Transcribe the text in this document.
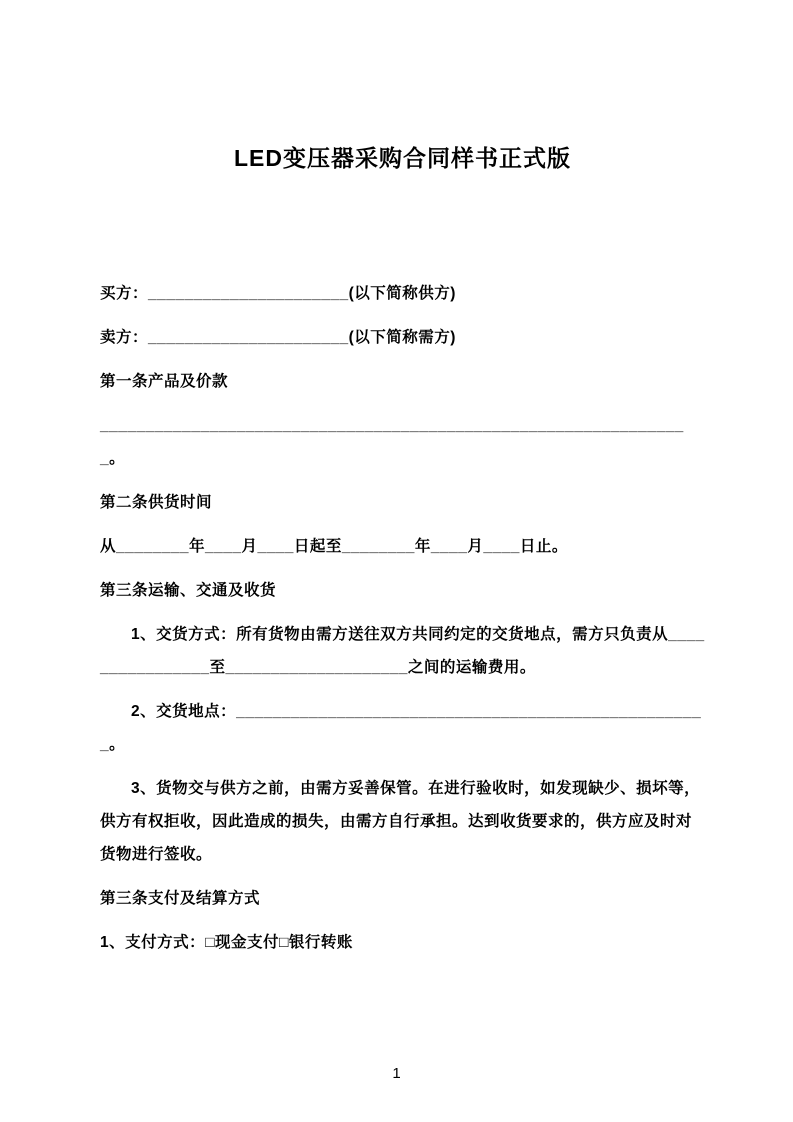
LED变压器采购合同样书正式版

买方：______________________(以下简称供方)

卖方：______________________(以下简称需方)

第一条产品及价款

_________________________________________________________________。

第二条供货时间

从________年____月____日起至________年____月____日止。

第三条运输、交通及收货

1、交货方式：所有货物由需方送往双方共同约定的交货地点，需方只负责从________________至____________________之间的运输费用。

2、交货地点：____________________________________________________。

3、货物交与供方之前，由需方妥善保管。在进行验收时，如发现缺少、损坏等，供方有权拒收，因此造成的损失，由需方自行承担。达到收货要求的，供方应及时对货物进行签收。

第三条支付及结算方式

1、支付方式：□现金支付□银行转账

1
